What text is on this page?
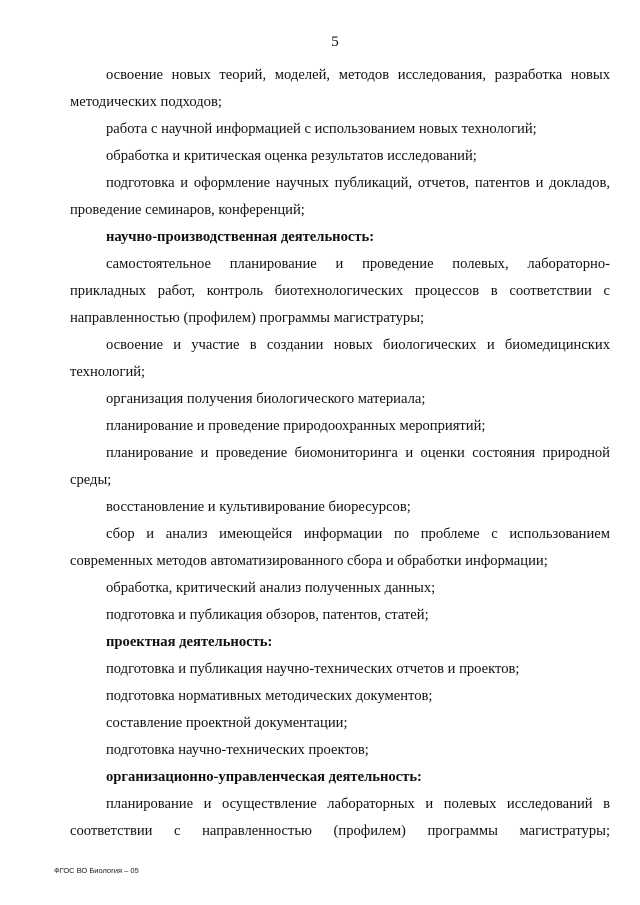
5

освоение новых теорий, моделей, методов исследования, разработка новых методических подходов;

работа с научной информацией с использованием новых технологий;

обработка и критическая оценка результатов исследований;

подготовка и оформление научных публикаций, отчетов, патентов и докладов, проведение семинаров, конференций;

научно-производственная деятельность:

самостоятельное планирование и проведение полевых, лабораторно-прикладных работ, контроль биотехнологических процессов в соответствии с направленностью (профилем) программы магистратуры;

освоение и участие в создании новых биологических и биомедицинских технологий;

организация получения биологического материала;

планирование и проведение природоохранных мероприятий;

планирование и проведение биомониторинга и оценки состояния природной среды;

восстановление и культивирование биоресурсов;

сбор и анализ имеющейся информации по проблеме с использованием современных методов автоматизированного сбора и обработки информации;

обработка, критический анализ полученных данных;

подготовка и публикация обзоров, патентов, статей;

проектная деятельность:

подготовка и публикация научно-технических отчетов и проектов;

подготовка нормативных методических документов;

составление проектной документации;

подготовка научно-технических проектов;

организационно-управленческая деятельность:

планирование и осуществление лабораторных и полевых исследований в соответствии с направленностью (профилем) программы магистратуры;

ФГОС ВО Биология – 05
